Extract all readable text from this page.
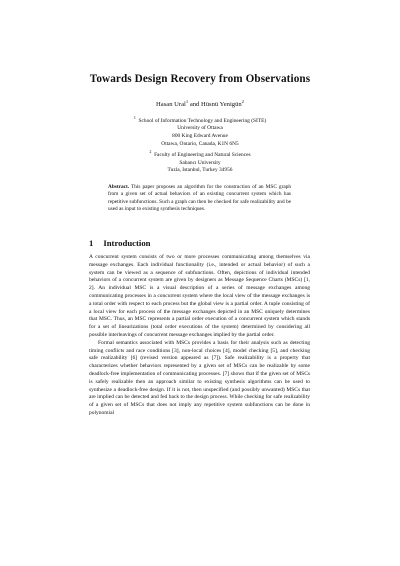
Towards Design Recovery from Observations
Hasan Ural$^1$ and Hüsnü Yenigün$^2$
$^1$  School of Information Technology and Engineering (SITE)
University of Ottawa
800 King Edward Avenue
Ottawa, Ontario, Canada, K1N 6N5
$^2$  Faculty of Engineering and Natural Sciences
Sabancı University
Tuzla, Istanbul, Turkey 34956
Abstract. This paper proposes an algorithm for the construction of an MSC graph from a given set of actual behaviors of an existing concurrent system which has repetitive subfunctions. Such a graph can then be checked for safe realizability and be used as input to existing synthesis techniques.
1 Introduction

A concurrent system consists of two or more processes communicating among themselves via message exchanges. Each individual functionality (i.e., intended or actual behavior) of such a system can be viewed as a sequence of subfunctions. Often, depictions of individual intended behaviors of a concurrent system are given by designers as Message Sequence Charts (MSCs) [1, 2]. An individual MSC is a visual description of a series of message exchanges among communicating processes in a concurrent system where the local view of the message exchanges is a total order with respect to each process but the global view is a partial order. A tuple consisting of a local view for each process of the message exchanges depicted in an MSC uniquely determines that MSC. Thus, an MSC represents a partial order execution of a concurrent system which stands for a set of linearizations (total order executions of the system) determined by considering all possible interleavings of concurrent message exchanges implied by the partial order.

Formal semantics associated with MSCs provides a basis for their analysis such as detecting timing conflicts and race conditions [3], non-local choices [4], model checking [5], and checking safe realizability [6] (revised version appeared as [7]). Safe realizability is a property that characterizes whether behaviors represented by a given set of MSCs can be realizable by some deadlock-free implementation of communicating processes. [7] shows that if the given set of MSCs is safely realizable then an approach similar to existing synthesis algorithms can be used to synthesize a deadlock-free design. If it is not, then unspecified (and possibly unwanted) MSCs that are implied can be detected and fed back to the design process. While checking for safe realizability of a given set of MSCs that does not imply any repetitive system subfunctions can be done in polynomial
